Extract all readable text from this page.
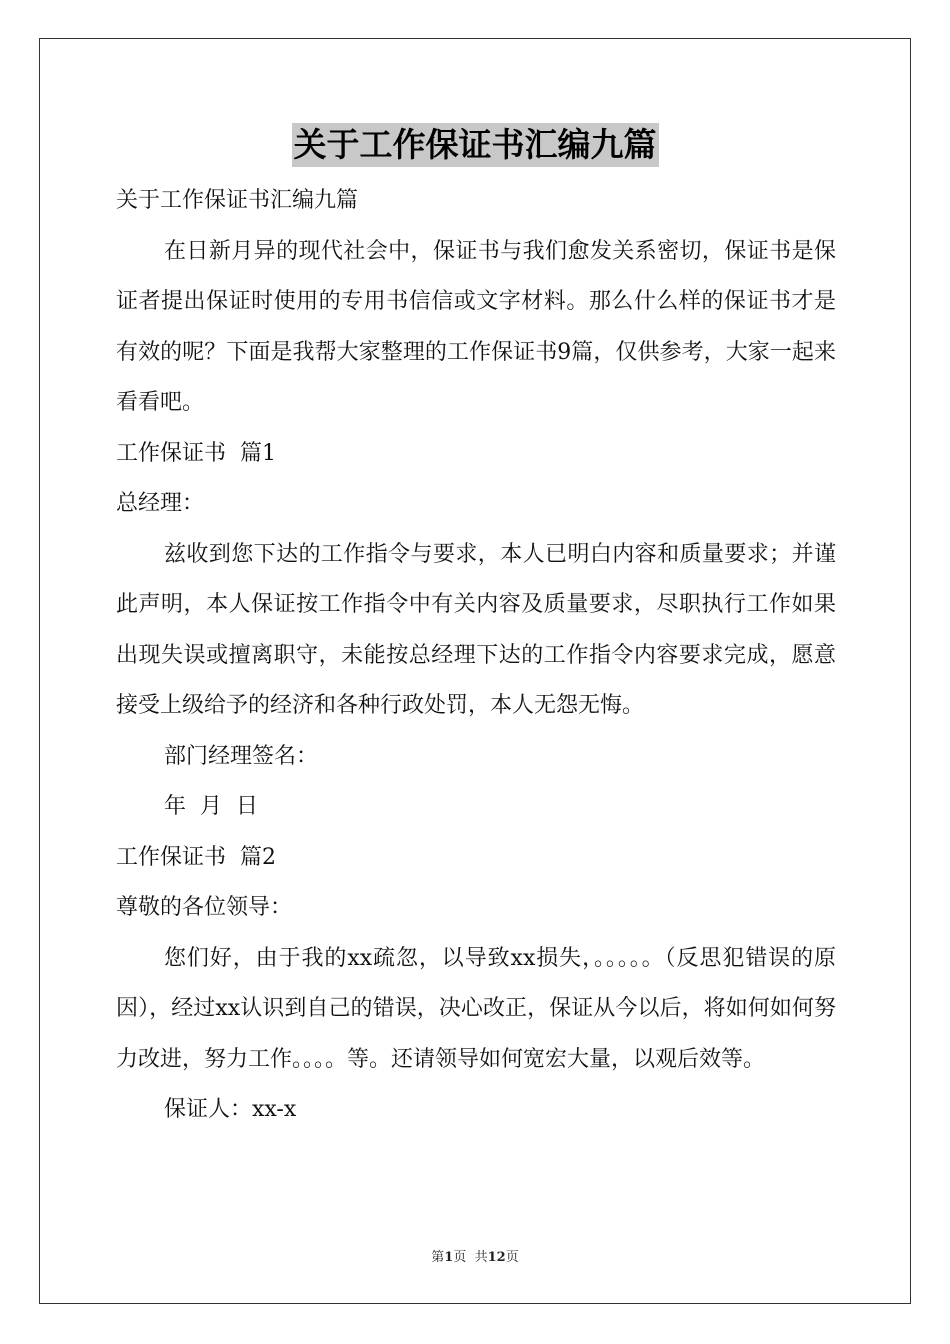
关于工作保证书汇编九篇

关于工作保证书汇编九篇

在日新月异的现代社会中，保证书与我们愈发关系密切，保证书是保证者提出保证时使用的专用书信信或文字材料。那么什么样的保证书才是有效的呢？下面是我帮大家整理的工作保证书9篇，仅供参考，大家一起来看看吧。

工作保证书  篇1

总经理：

兹收到您下达的工作指令与要求，本人已明白内容和质量要求；并谨此声明，本人保证按工作指令中有关内容及质量要求，尽职执行工作如果出现失误或擅离职守，未能按总经理下达的工作指令内容要求完成，愿意接受上级给予的经济和各种行政处罚，本人无怨无悔。

部门经理签名：

年  月  日

工作保证书  篇2

尊敬的各位领导：

您们好，由于我的xx疏忽，以导致xx损失，。。。。。（反思犯错误的原因），经过xx认识到自己的错误，决心改正，保证从今以后，将如何如何努力改进，努力工作。。。。等。还请领导如何宽宏大量，以观后效等。

保证人：xx-x

第1页  共12页
